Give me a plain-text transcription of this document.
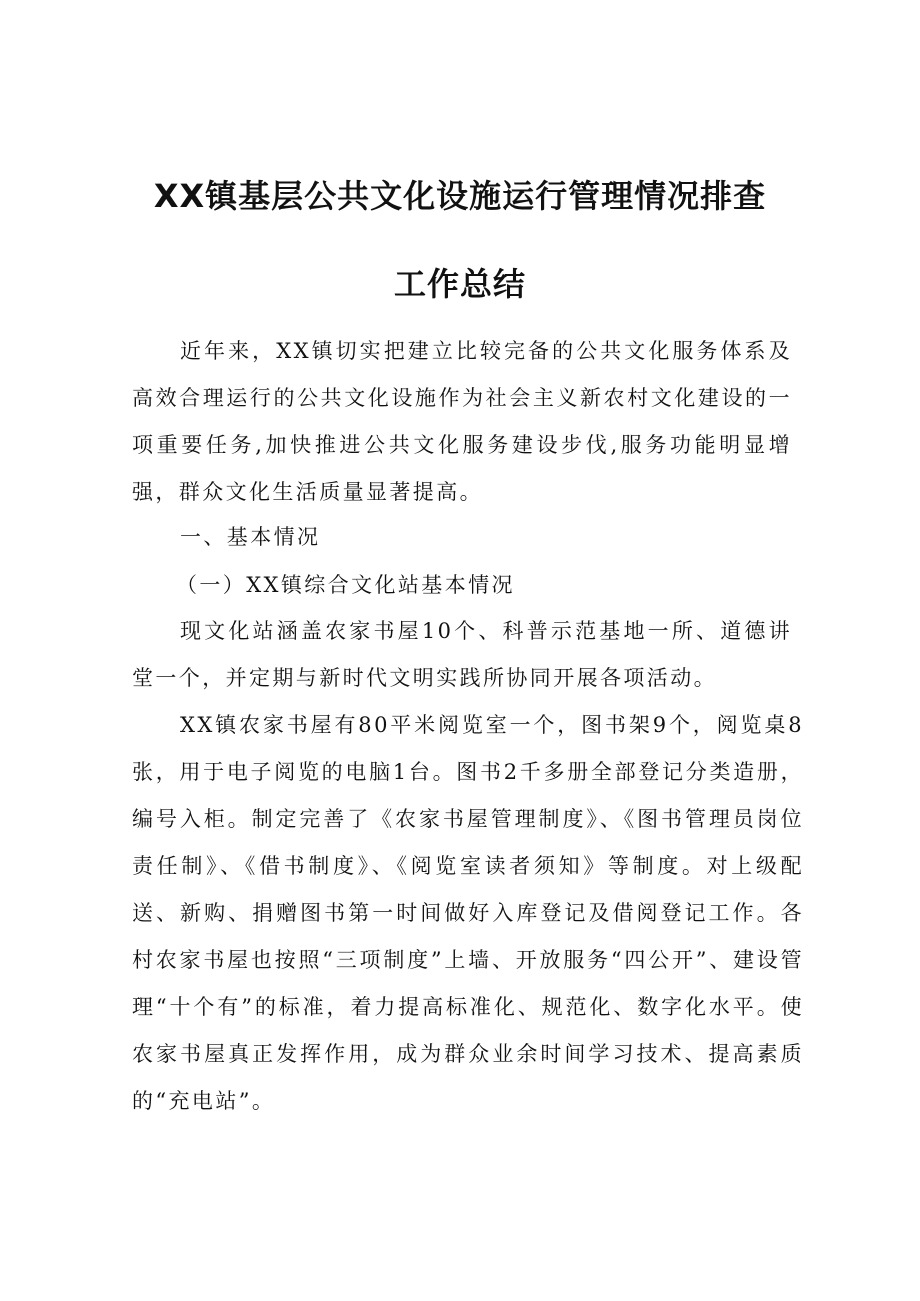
XX镇基层公共文化设施运行管理情况排查
工作总结

近年来，XX镇切实把建立比较完备的公共文化服务体系及高效合理运行的公共文化设施作为社会主义新农村文化建设的一项重要任务,加快推进公共文化服务建设步伐,服务功能明显增强，群众文化生活质量显著提高。

一、基本情况

（一）XX镇综合文化站基本情况

现文化站涵盖农家书屋10个、科普示范基地一所、道德讲堂一个，并定期与新时代文明实践所协同开展各项活动。

XX镇农家书屋有80平米阅览室一个，图书架9个，阅览桌8张，用于电子阅览的电脑1台。图书2千多册全部登记分类造册，编号入柜。制定完善了《农家书屋管理制度》、《图书管理员岗位责任制》、《借书制度》、《阅览室读者须知》等制度。对上级配送、新购、捐赠图书第一时间做好入库登记及借阅登记工作。各村农家书屋也按照“三项制度”上墙、开放服务“四公开”、建设管理“十个有”的标准，着力提高标准化、规范化、数字化水平。使农家书屋真正发挥作用，成为群众业余时间学习技术、提高素质的“充电站”。
